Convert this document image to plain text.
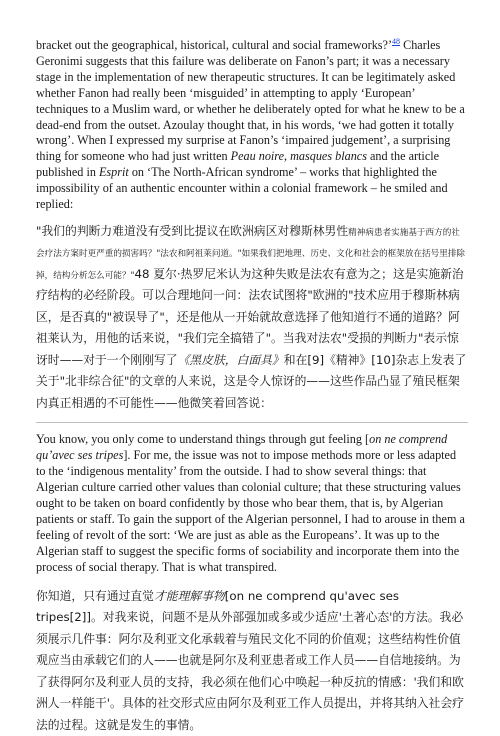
bracket out the geographical, historical, cultural and social frameworks?’$^{48}$ Charles Geronimi suggests that this failure was deliberate on Fanon’s part; it was a necessary stage in the implementation of new therapeutic structures. It can be legitimately asked whether Fanon had really been ‘misguided’ in attempting to apply ‘European’ techniques to a Muslim ward, or whether he deliberately opted for what he knew to be a dead-end from the outset. Azoulay thought that, in his words, ‘we had gotten it totally wrong’. When I expressed my surprise at Fanon’s ‘impaired judgement’, a surprising thing for someone who had just written Peau noire, masques blancs and the article published in Esprit on ‘The North-African syndrome’ – works that highlighted the impossibility of an authentic encounter within a colonial framework – he smiled and replied:

"我们的判断力难道没有受到比提议在欧洲病区对穆斯林男性精神病患者实施基于西方的社会疗法方案时更严重的损害吗？"法农和阿祖莱问道。"如果我们把地理、历史、文化和社会的框架放在括号里排除掉，结构分析怎么可能？"48 夏尔·热罗尼米认为这种失败是法农有意为之；这是实施新治疗结构的必经阶段。可以合理地问一问：法农试图将"欧洲的"技术应用于穆斯林病区，是否真的"被误导了"，还是他从一开始就故意选择了他知道行不通的道路？阿祖莱认为，用他的话来说，"我们完全搞错了"。当我对法农"受损的判断力"表示惊讶时——对于一个刚刚写了《黑皮肤，白面具》和在[9]《精神》[10]杂志上发表了关于"北非综合征"的文章的人来说，这是令人惊讶的——这些作品凸显了殖民框架内真正相遇的不可能性——他微笑着回答说：

You know, you only come to understand things through gut feeling [on ne comprend qu’avec ses tripes]. For me, the issue was not to impose methods more or less adapted to the ‘indigenous mentality’ from the outside. I had to show several things: that Algerian culture carried other values than colonial culture; that these structuring values ought to be taken on board confidently by those who bear them, that is, by Algerian patients or staff. To gain the support of the Algerian personnel, I had to arouse in them a feeling of revolt of the sort: ‘We are just as able as the Europeans’. It was up to the Algerian staff to suggest the specific forms of sociability and incorporate them into the process of social therapy. That is what transpired.

你知道，只有通过直觉才能理解事物[on ne comprend qu'avec ses tripes[2]]。对我来说，问题不是从外部强加或多或少适应'土著心态'的方法。我必须展示几件事：阿尔及利亚文化承载着与殖民文化不同的价值观；这些结构性价值观应当由承载它们的人——也就是阿尔及利亚患者或工作人员——自信地接纳。为了获得阿尔及利亚人员的支持，我必须在他们心中唤起一种反抗的情感：'我们和欧洲人一样能干'。具体的社交形式应由阿尔及利亚工作人员提出，并将其纳入社会疗法的过程。这就是发生的事情。
